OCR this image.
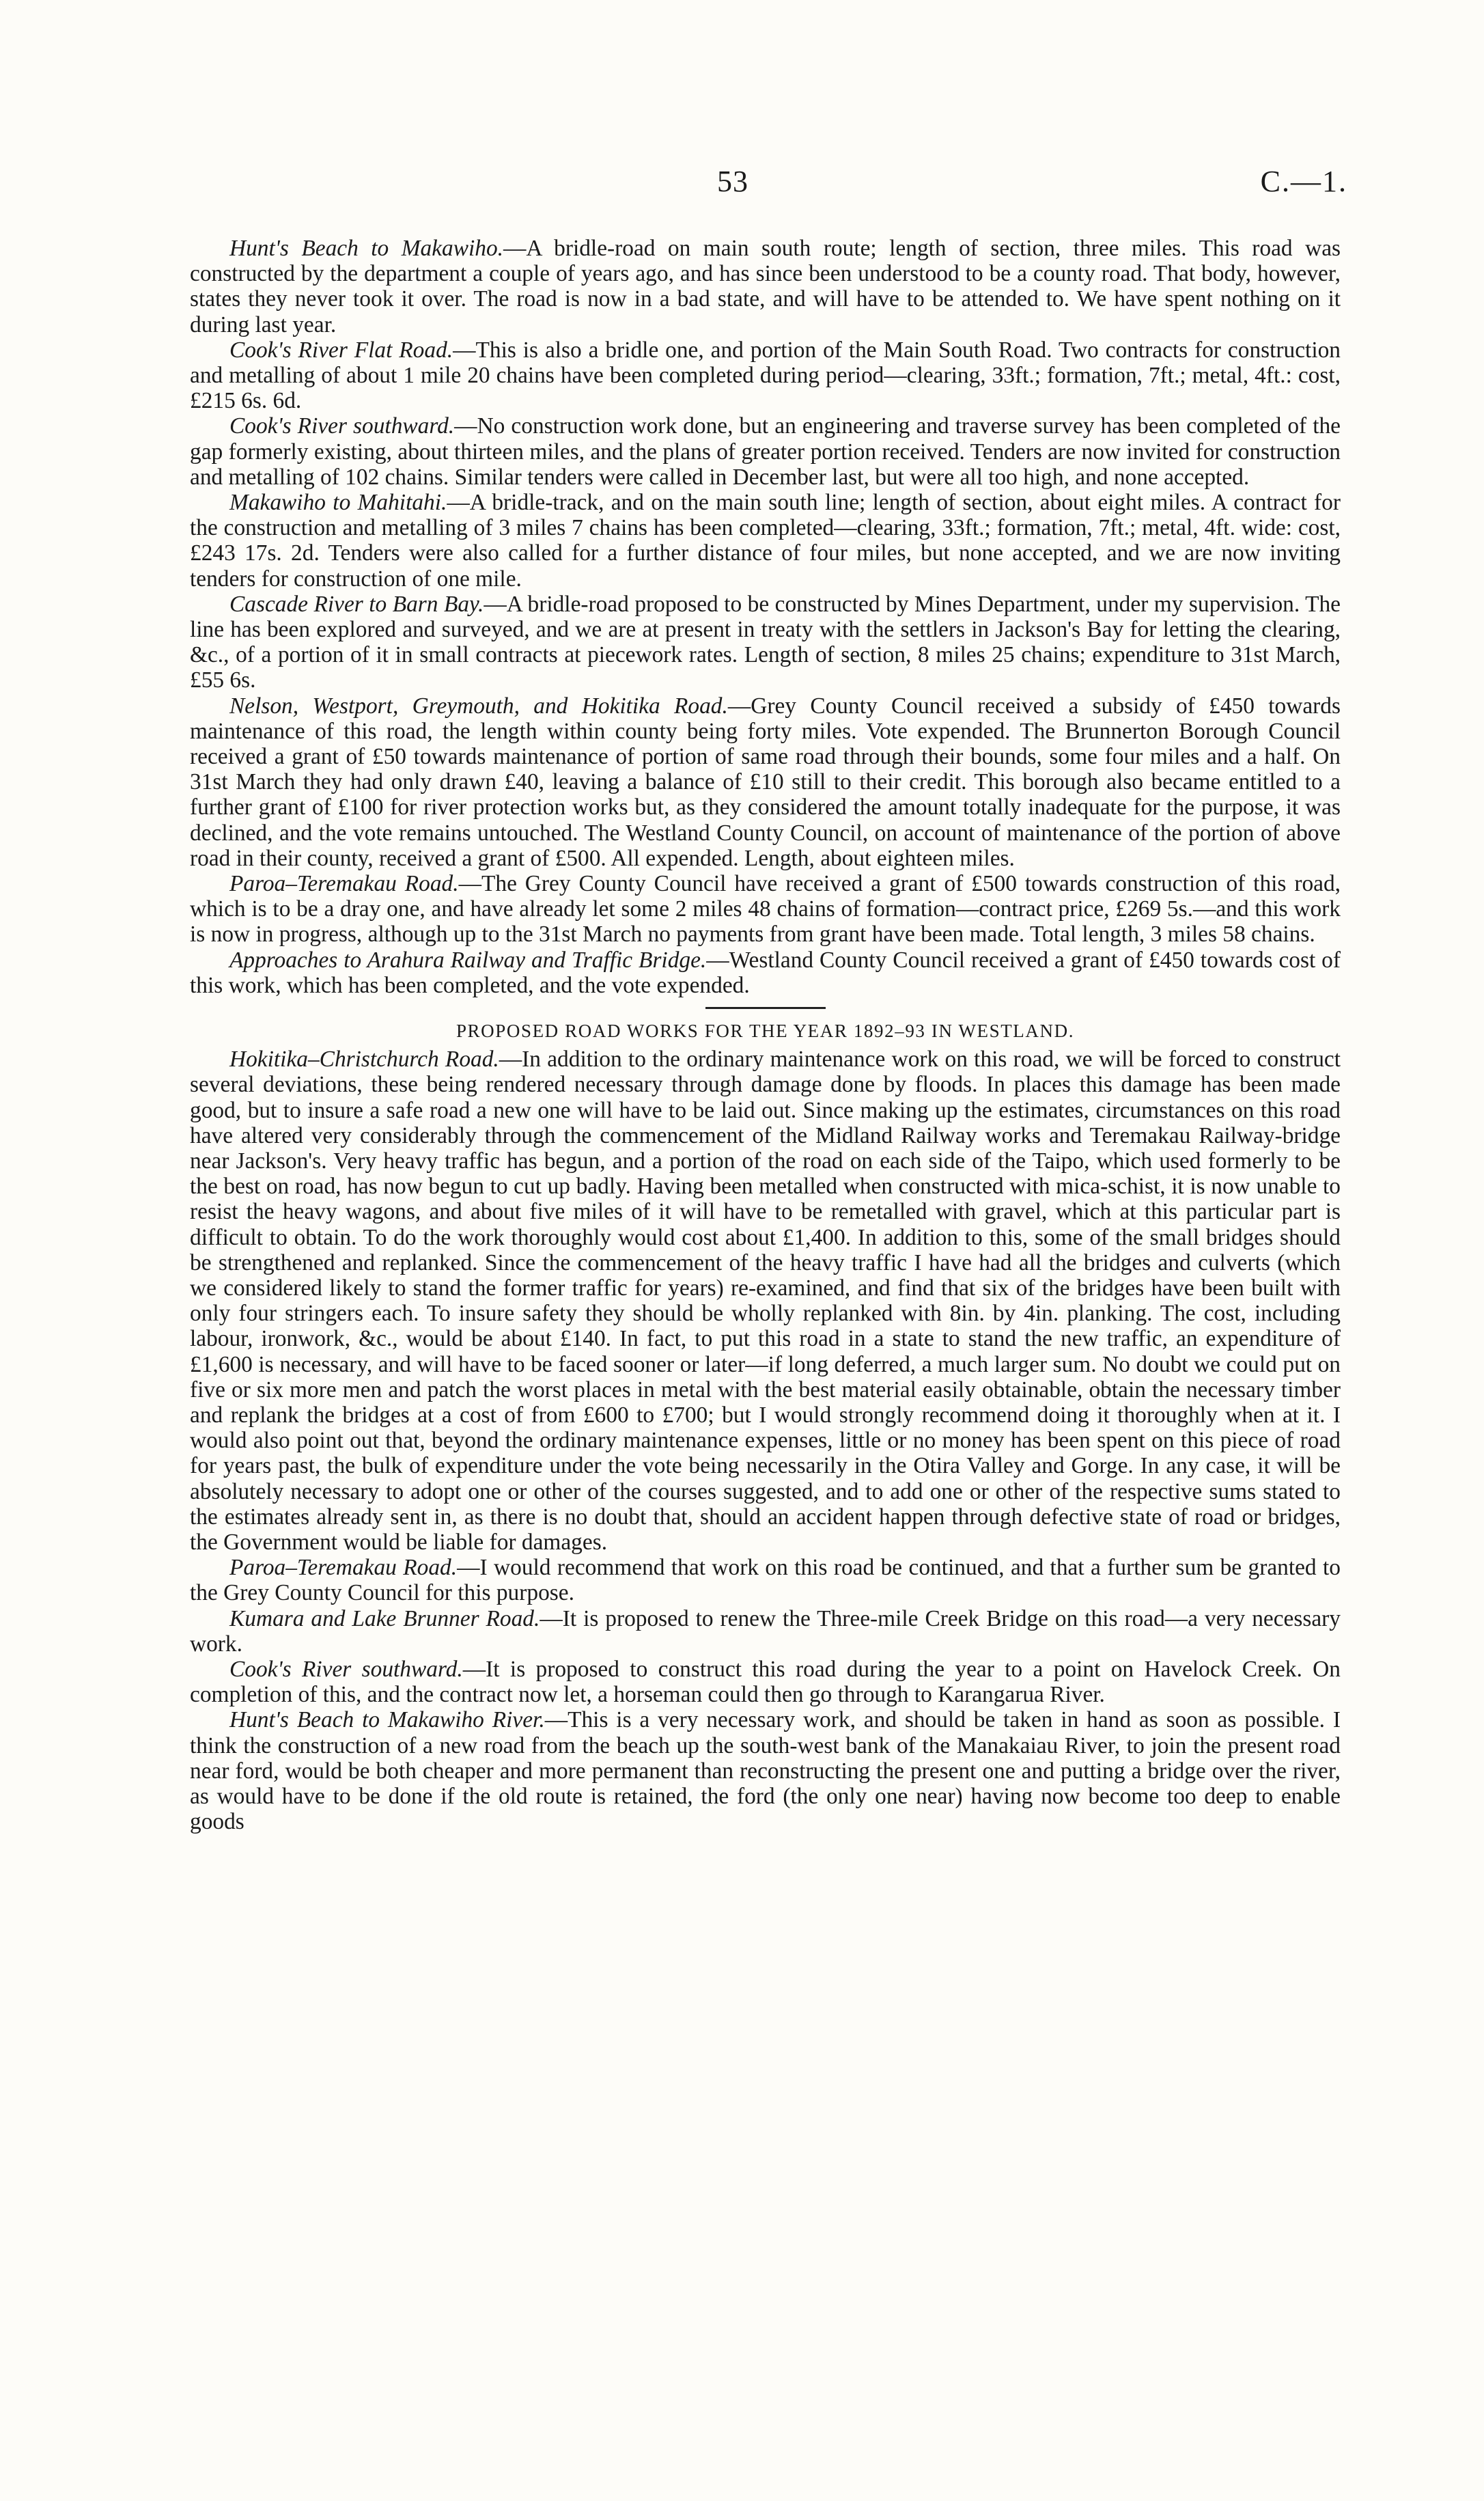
53	C.—1.

Hunt's Beach to Makawiho.—A bridle-road on main south route; length of section, three miles. This road was constructed by the department a couple of years ago, and has since been understood to be a county road. That body, however, states they never took it over. The road is now in a bad state, and will have to be attended to. We have spent nothing on it during last year.

Cook's River Flat Road.—This is also a bridle one, and portion of the Main South Road. Two contracts for construction and metalling of about 1 mile 20 chains have been completed during period—clearing, 33ft.; formation, 7ft.; metal, 4ft.: cost, £215 6s. 6d.

Cook's River southward.—No construction work done, but an engineering and traverse survey has been completed of the gap formerly existing, about thirteen miles, and the plans of greater portion received. Tenders are now invited for construction and metalling of 102 chains. Similar tenders were called in December last, but were all too high, and none accepted.

Makawiho to Mahitahi.—A bridle-track, and on the main south line; length of section, about eight miles. A contract for the construction and metalling of 3 miles 7 chains has been completed—clearing, 33ft.; formation, 7ft.; metal, 4ft. wide: cost, £243 17s. 2d. Tenders were also called for a further distance of four miles, but none accepted, and we are now inviting tenders for construction of one mile.

Cascade River to Barn Bay.—A bridle-road proposed to be constructed by Mines Department, under my supervision. The line has been explored and surveyed, and we are at present in treaty with the settlers in Jackson's Bay for letting the clearing, &c., of a portion of it in small contracts at piecework rates. Length of section, 8 miles 25 chains; expenditure to 31st March, £55 6s.

Nelson, Westport, Greymouth, and Hokitika Road.—Grey County Council received a subsidy of £450 towards maintenance of this road, the length within county being forty miles. Vote expended. The Brunnerton Borough Council received a grant of £50 towards maintenance of portion of same road through their bounds, some four miles and a half. On 31st March they had only drawn £40, leaving a balance of £10 still to their credit. This borough also became entitled to a further grant of £100 for river protection works but, as they considered the amount totally inadequate for the purpose, it was declined, and the vote remains untouched. The Westland County Council, on account of maintenance of the portion of above road in their county, received a grant of £500. All expended. Length, about eighteen miles.

Paroa–Teremakau Road.—The Grey County Council have received a grant of £500 towards construction of this road, which is to be a dray one, and have already let some 2 miles 48 chains of formation—contract price, £269 5s.—and this work is now in progress, although up to the 31st March no payments from grant have been made. Total length, 3 miles 58 chains.

Approaches to Arahura Railway and Traffic Bridge.—Westland County Council received a grant of £450 towards cost of this work, which has been completed, and the vote expended.

PROPOSED ROAD WORKS FOR THE YEAR 1892–93 IN WESTLAND.

Hokitika–Christchurch Road.—In addition to the ordinary maintenance work on this road, we will be forced to construct several deviations, these being rendered necessary through damage done by floods. In places this damage has been made good, but to insure a safe road a new one will have to be laid out. Since making up the estimates, circumstances on this road have altered very considerably through the commencement of the Midland Railway works and Teremakau Railway-bridge near Jackson's. Very heavy traffic has begun, and a portion of the road on each side of the Taipo, which used formerly to be the best on road, has now begun to cut up badly. Having been metalled when constructed with mica-schist, it is now unable to resist the heavy wagons, and about five miles of it will have to be remetalled with gravel, which at this particular part is difficult to obtain. To do the work thoroughly would cost about £1,400. In addition to this, some of the small bridges should be strengthened and replanked. Since the commencement of the heavy traffic I have had all the bridges and culverts (which we considered likely to stand the former traffic for years) re-examined, and find that six of the bridges have been built with only four stringers each. To insure safety they should be wholly replanked with 8in. by 4in. planking. The cost, including labour, ironwork, &c., would be about £140. In fact, to put this road in a state to stand the new traffic, an expenditure of £1,600 is necessary, and will have to be faced sooner or later—if long deferred, a much larger sum. No doubt we could put on five or six more men and patch the worst places in metal with the best material easily obtainable, obtain the necessary timber and replank the bridges at a cost of from £600 to £700; but I would strongly recommend doing it thoroughly when at it. I would also point out that, beyond the ordinary maintenance expenses, little or no money has been spent on this piece of road for years past, the bulk of expenditure under the vote being necessarily in the Otira Valley and Gorge. In any case, it will be absolutely necessary to adopt one or other of the courses suggested, and to add one or other of the respective sums stated to the estimates already sent in, as there is no doubt that, should an accident happen through defective state of road or bridges, the Government would be liable for damages.

Paroa–Teremakau Road.—I would recommend that work on this road be continued, and that a further sum be granted to the Grey County Council for this purpose.

Kumara and Lake Brunner Road.—It is proposed to renew the Three-mile Creek Bridge on this road—a very necessary work.

Cook's River southward.—It is proposed to construct this road during the year to a point on Havelock Creek. On completion of this, and the contract now let, a horseman could then go through to Karangarua River.

Hunt's Beach to Makawiho River.—This is a very necessary work, and should be taken in hand as soon as possible. I think the construction of a new road from the beach up the south-west bank of the Manakaiau River, to join the present road near ford, would be both cheaper and more permanent than reconstructing the present one and putting a bridge over the river, as would have to be done if the old route is retained, the ford (the only one near) having now become too deep to enable goods
